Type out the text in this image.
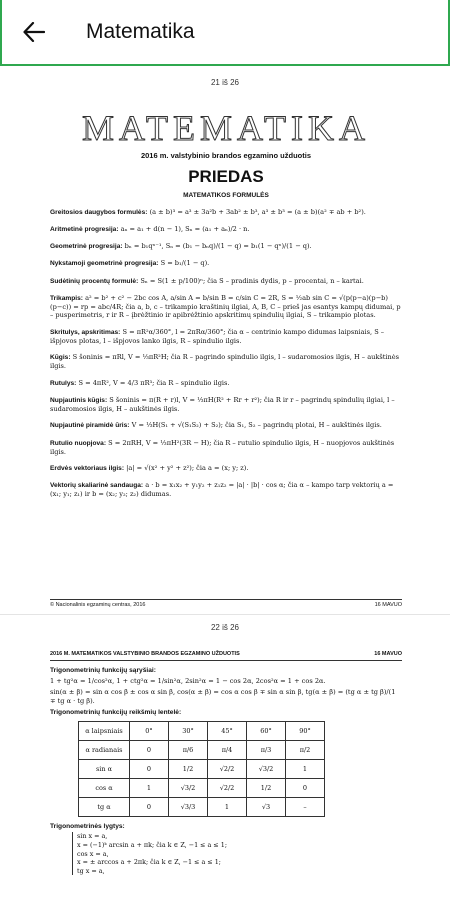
Matematika
21 iš 26
MATEMATIKA
2016 m. valstybinio brandos egzamino užduotis
PRIEDAS
MATEMATIKOS FORMULĖS
Greitosios daugybos formulės: (a ± b)³ = a³ ± 3a²b + 3ab² ± b³, a³ ± b³ = (a ± b)(a² ∓ ab + b²).
Aritmetinė progresija: aₙ = a₁ + d(n − 1), Sₙ = (a₁ + aₙ)/2 · n.
Geometrinė progresija: bₙ = b₁qⁿ⁻¹, Sₙ = (b₁ − bₙq)/(1 − q) = b₁(1 − qⁿ)/(1 − q).
Nykstamoji geometrinė progresija: S = b₁/(1 − q).
Sudėtinių procentų formulė: Sₙ = S(1 ± p/100)ⁿ; čia S – pradinis dydis, p – procentai, n – kartai.
Trikampis: a² = b² + c² − 2bc cos A, a/sin A = b/sin B = c/sin C = 2R, S = ½ab sin C = √(p(p−a)(p−b)(p−c)) = rp = abc/4R; čia a, b, c – trikampio kraštinių ilgiai, A, B, C – prieš jas esantys kampų didumai, p – pusperimetris, r ir R – įbrėžtinio ir apibrėžtinio apskritimų spindulių ilgiai, S – trikampio plotas.
Skritulys, apskritimas: S = πR²α/360°, l = 2πRα/360°; čia α – centrinio kampo didumas laipsniais, S – išpjovos plotas, l – išpjovos lanko ilgis, R – spindulio ilgis.
Kūgis: S šoninis = πRl, V = ⅓πR²H; čia R – pagrindo spindulio ilgis, l – sudaromosios ilgis, H – aukštinės ilgis.
Rutulys: S = 4πR², V = 4/3 πR³; čia R – spindulio ilgis.
Nupjautinis kūgis: S šoninis = π(R + r)l, V = ⅓πH(R² + Rr + r²); čia R ir r – pagrindų spindulių ilgiai, l – sudaromosios ilgis, H – aukštinės ilgis.
Nupjautinė piramidė ūris: V = ⅓H(S₁ + √(S₁S₂) + S₂); čia S₁, S₂ – pagrindų plotai, H – aukštinės ilgis.
Rutulio nuopjova: S = 2πRH, V = ⅓πH²(3R − H); čia R – rutulio spindulio ilgis, H – nuopjovos aukštinės ilgis.
Erdvės vektoriaus ilgis: |a| = √(x² + y² + z²); čia a = (x; y; z).
Vektorių skaliarinė sandauga: a · b = x₁x₂ + y₁y₂ + z₁z₂ = |a| · |b| · cos α; čia α – kampo tarp vektorių a = (x₁; y₁; z₁) ir b = (x₂; y₂; z₂) didumas.
© Nacionalinis egzaminų centras, 2016	16 MAVUO
22 iš 26
2016 M. MATEMATIKOS VALSTYBINIO BRANDOS EGZAMINO UŽDUOTIS	16 MAVUO
Trigonometrinių funkcijų sąryšiai:
1 + tg²α = 1/cos²α, 1 + ctg²α = 1/sin²α, 2sin²α = 1 − cos 2α, 2cos²α = 1 + cos 2α.
sin(α ± β) = sin α cos β ± cos α sin β, cos(α ± β) = cos α cos β ∓ sin α sin β, tg(α ± β) = (tg α ± tg β)/(1 ∓ tg α · tg β).
Trigonometrinių funkcijų reikšmių lentelė:
α laipsniais	0°	30°	45°	60°	90°
α radianais	0	π/6	π/4	π/3	π/2
sin α	0	1/2	√2/2	√3/2	1
cos α	1	√3/2	√2/2	1/2	0
tg α	0	√3/3	1	√3	–
Trigonometrinės lygtys:
sin x = a,
x = (−1)ᵏ arcsin a + πk; čia k ∈ Z, −1 ≤ a ≤ 1;
cos x = a,
x = ± arccos a + 2πk; čia k ∈ Z, −1 ≤ a ≤ 1;
tg x = a,
